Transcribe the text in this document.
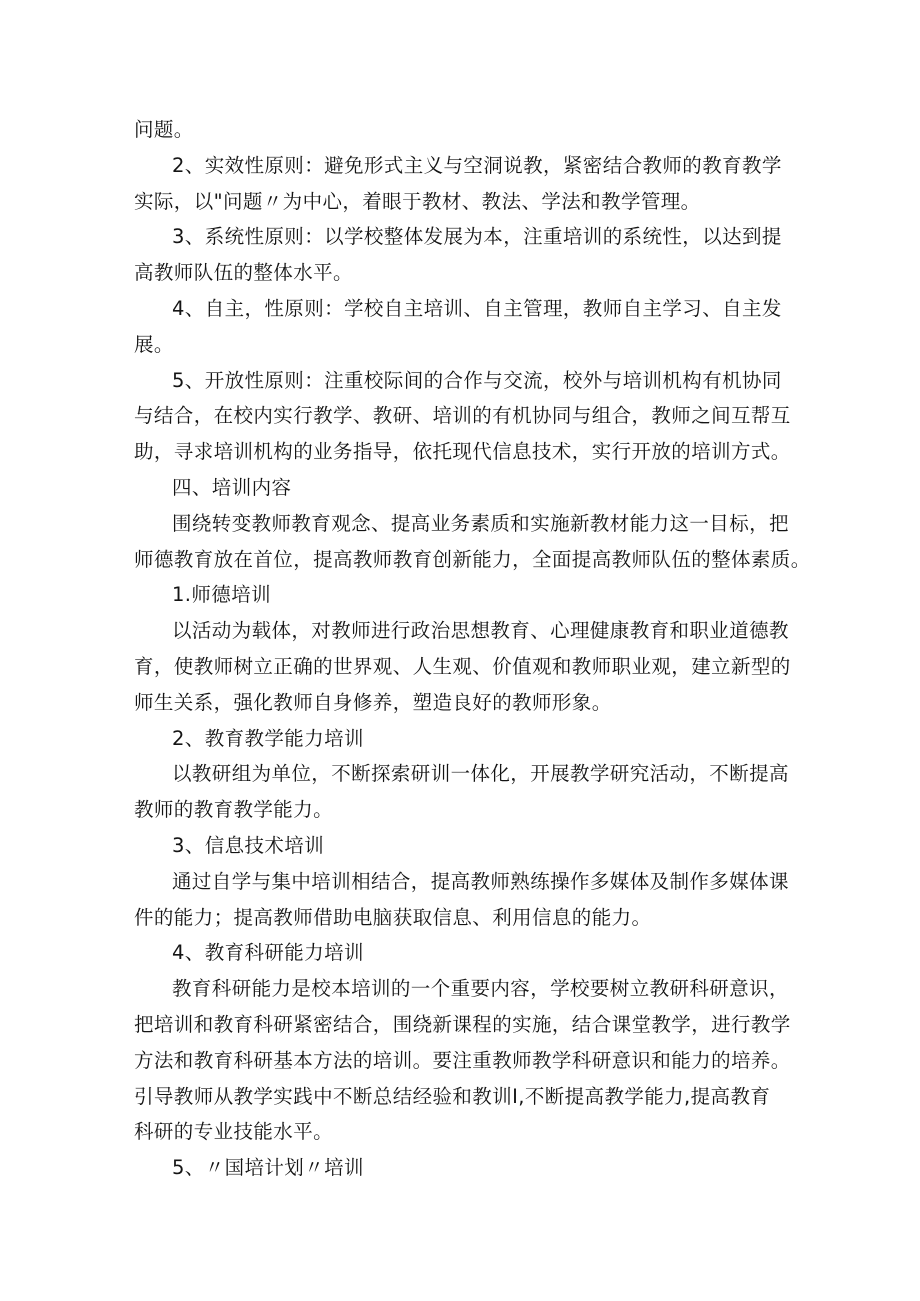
问题。
2、实效性原则：避免形式主义与空洞说教，紧密结合教师的教育教学
实际，以"问题〃为中心，着眼于教材、教法、学法和教学管理。
3、系统性原则：以学校整体发展为本，注重培训的系统性，以达到提
高教师队伍的整体水平。
4、自主，性原则：学校自主培训、自主管理，教师自主学习、自主发
展。
5、开放性原则：注重校际间的合作与交流，校外与培训机构有机协同
与结合，在校内实行教学、教研、培训的有机协同与组合，教师之间互帮互
助，寻求培训机构的业务指导，依托现代信息技术，实行开放的培训方式。
四、培训内容
围绕转变教师教育观念、提高业务素质和实施新教材能力这一目标，把
师德教育放在首位，提高教师教育创新能力，全面提高教师队伍的整体素质。
1.师德培训
以活动为载体，对教师进行政治思想教育、心理健康教育和职业道德教
育，使教师树立正确的世界观、人生观、价值观和教师职业观，建立新型的
师生关系，强化教师自身修养，塑造良好的教师形象。
2、教育教学能力培训
以教研组为单位，不断探索研训一体化，开展教学研究活动，不断提高
教师的教育教学能力。
3、信息技术培训
通过自学与集中培训相结合，提高教师熟练操作多媒体及制作多媒体课
件的能力；提高教师借助电脑获取信息、利用信息的能力。
4、教育科研能力培训
教育科研能力是校本培训的一个重要内容，学校要树立教研科研意识，
把培训和教育科研紧密结合，围绕新课程的实施，结合课堂教学，进行教学
方法和教育科研基本方法的培训。要注重教师教学科研意识和能力的培养。
引导教师从教学实践中不断总结经验和教训Ⅰ,不断提高教学能力,提高教育
科研的专业技能水平。
5、〃国培计划〃培训
